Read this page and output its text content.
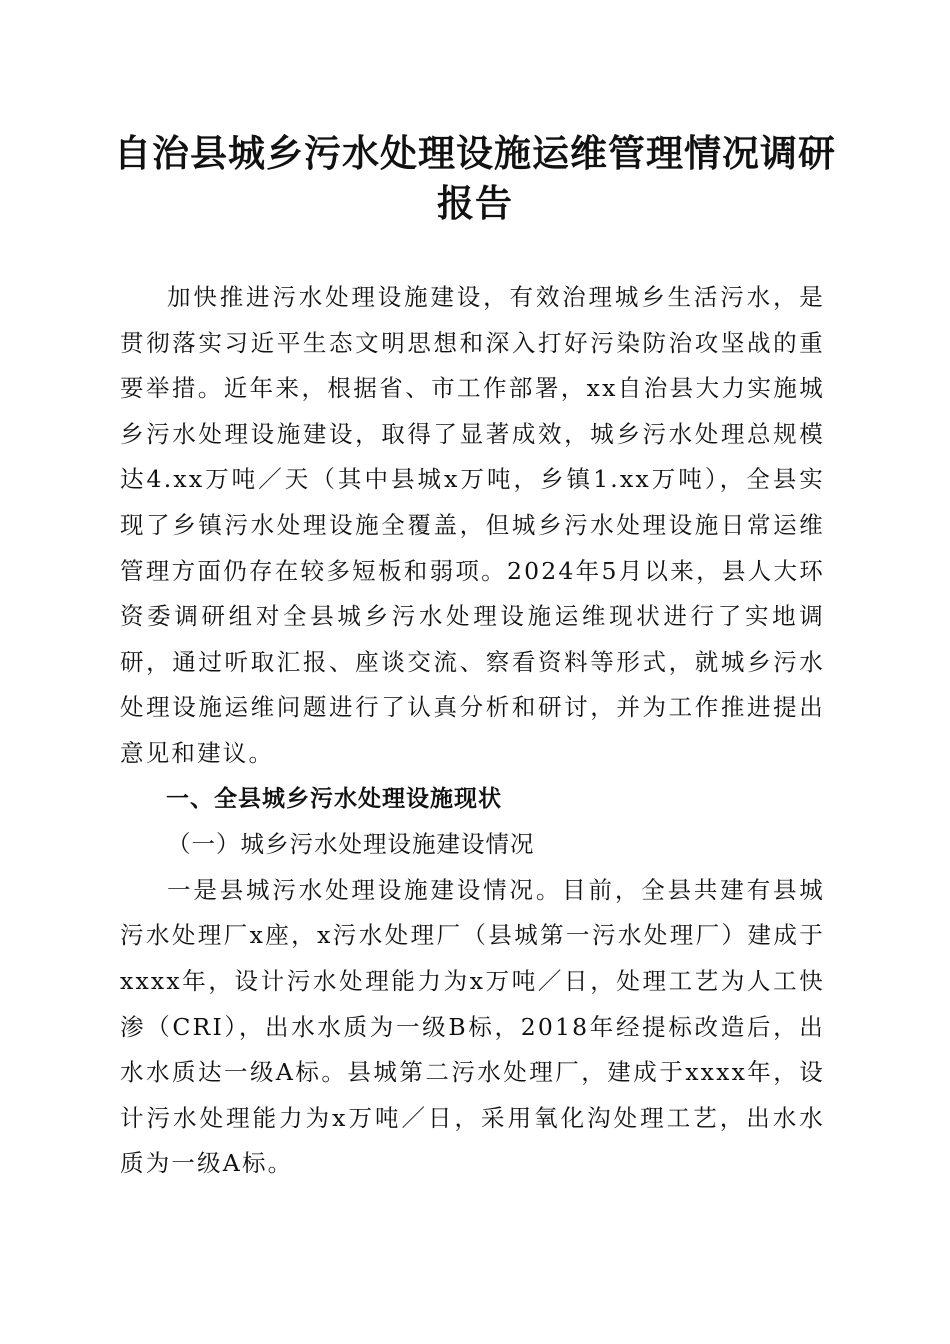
自治县城乡污水处理设施运维管理情况调研报告

加快推进污水处理设施建设，有效治理城乡生活污水，是贯彻落实习近平生态文明思想和深入打好污染防治攻坚战的重要举措。近年来，根据省、市工作部署，xx自治县大力实施城乡污水处理设施建设，取得了显著成效，城乡污水处理总规模达4.xx万吨／天（其中县城x万吨，乡镇1.xx万吨），全县实现了乡镇污水处理设施全覆盖，但城乡污水处理设施日常运维管理方面仍存在较多短板和弱项。2024年5月以来，县人大环资委调研组对全县城乡污水处理设施运维现状进行了实地调研，通过听取汇报、座谈交流、察看资料等形式，就城乡污水处理设施运维问题进行了认真分析和研讨，并为工作推进提出意见和建议。

一、全县城乡污水处理设施现状

（一）城乡污水处理设施建设情况

一是县城污水处理设施建设情况。目前，全县共建有县城污水处理厂x座，x污水处理厂（县城第一污水处理厂）建成于xxxx年，设计污水处理能力为x万吨／日，处理工艺为人工快渗（CRI），出水水质为一级B标，2018年经提标改造后，出水水质达一级A标。县城第二污水处理厂，建成于xxxx年，设计污水处理能力为x万吨／日，采用氧化沟处理工艺，出水水质为一级A标。
